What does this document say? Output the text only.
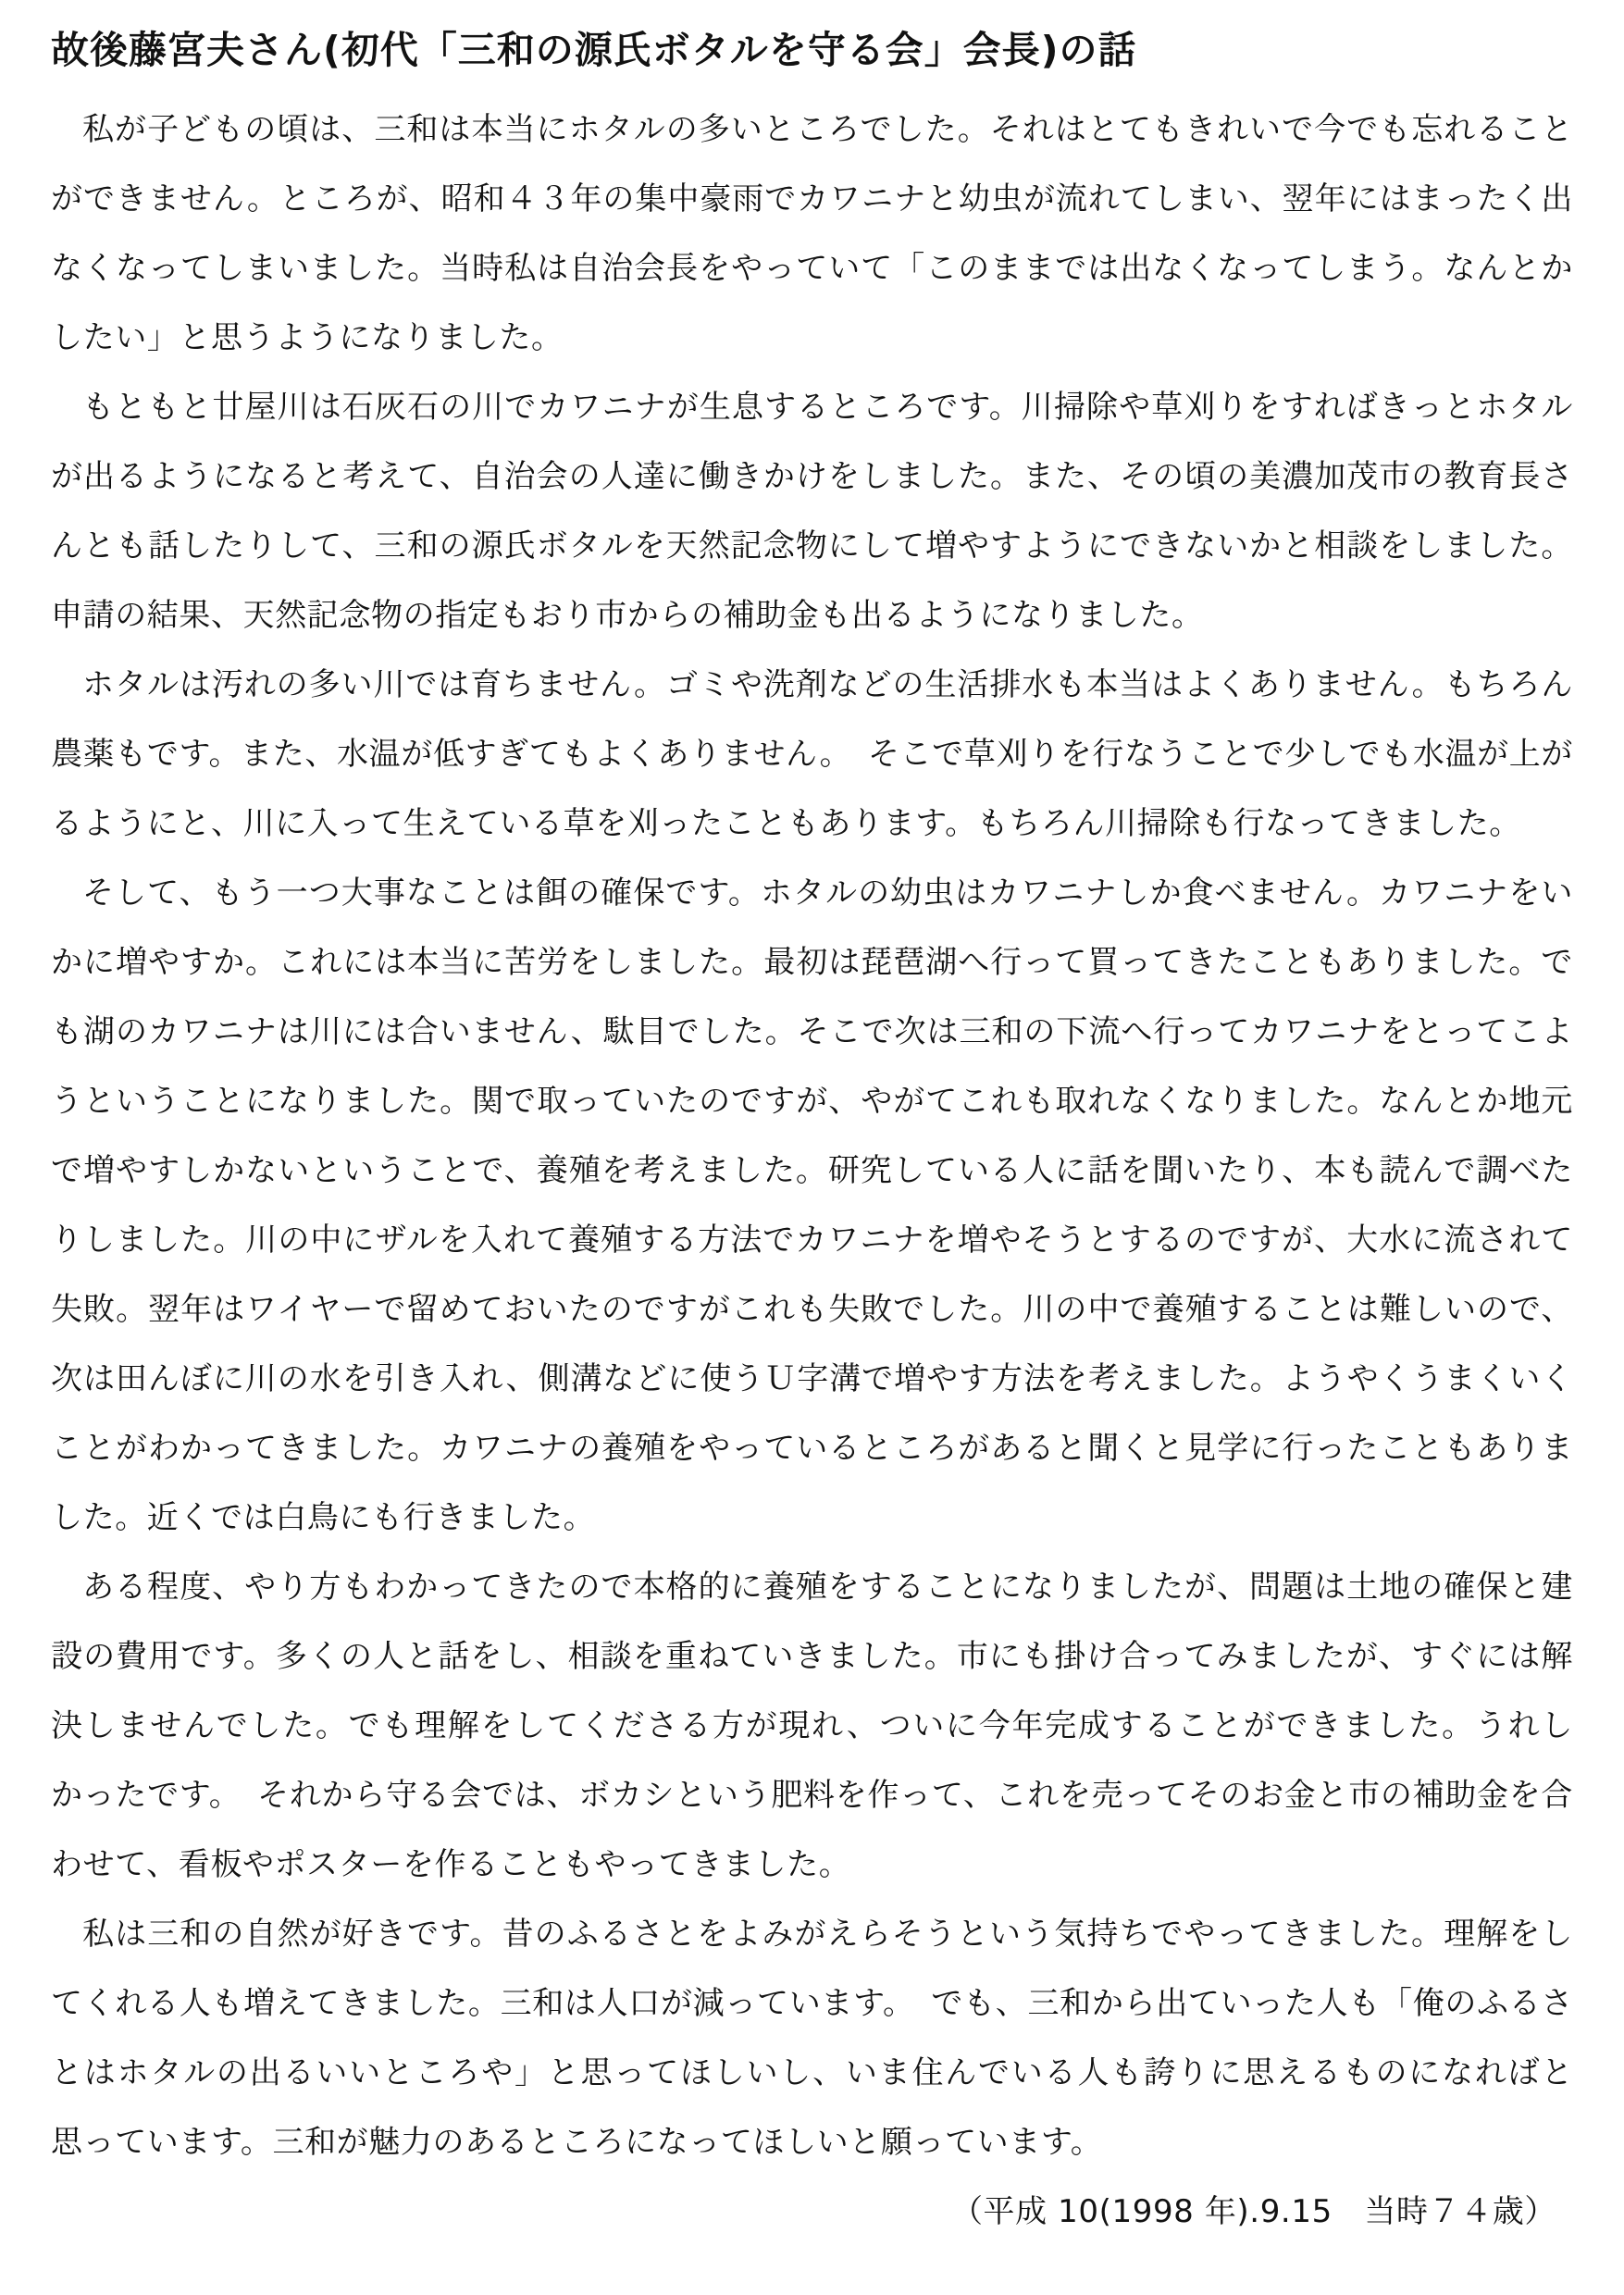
故後藤宮夫さん(初代「三和の源氏ボタルを守る会」会長)の話

私が子どもの頃は、三和は本当にホタルの多いところでした。それはとてもきれいで今でも忘れることができません。ところが、昭和４３年の集中豪雨でカワニナと幼虫が流れてしまい、翌年にはまったく出なくなってしまいました。当時私は自治会長をやっていて「このままでは出なくなってしまう。なんとかしたい」と思うようになりました。

もともと廿屋川は石灰石の川でカワニナが生息するところです。川掃除や草刈りをすればきっとホタルが出るようになると考えて、自治会の人達に働きかけをしました。また、その頃の美濃加茂市の教育長さんとも話したりして、三和の源氏ボタルを天然記念物にして増やすようにできないかと相談をしました。申請の結果、天然記念物の指定もおり市からの補助金も出るようになりました。

ホタルは汚れの多い川では育ちません。ゴミや洗剤などの生活排水も本当はよくありません。もちろん農薬もです。また、水温が低すぎてもよくありません。　そこで草刈りを行なうことで少しでも水温が上がるようにと、川に入って生えている草を刈ったこともあります。もちろん川掃除も行なってきました。

そして、もう一つ大事なことは餌の確保です。ホタルの幼虫はカワニナしか食べません。カワニナをいかに増やすか。これには本当に苦労をしました。最初は琵琶湖へ行って買ってきたこともありました。でも湖のカワニナは川には合いません、駄目でした。そこで次は三和の下流へ行ってカワニナをとってこようということになりました。関で取っていたのですが、やがてこれも取れなくなりました。なんとか地元で増やすしかないということで、養殖を考えました。研究している人に話を聞いたり、本も読んで調べたりしました。川の中にザルを入れて養殖する方法でカワニナを増やそうとするのですが、大水に流されて失敗。翌年はワイヤーで留めておいたのですがこれも失敗でした。川の中で養殖することは難しいので、次は田んぼに川の水を引き入れ、側溝などに使うＵ字溝で増やす方法を考えました。ようやくうまくいくことがわかってきました。カワニナの養殖をやっているところがあると聞くと見学に行ったこともありました。近くでは白鳥にも行きました。

ある程度、やり方もわかってきたので本格的に養殖をすることになりましたが、問題は土地の確保と建設の費用です。多くの人と話をし、相談を重ねていきました。市にも掛け合ってみましたが、すぐには解決しませんでした。でも理解をしてくださる方が現れ、ついに今年完成することができました。うれしかったです。　それから守る会では、ボカシという肥料を作って、これを売ってそのお金と市の補助金を合わせて、看板やポスターを作ることもやってきました。

私は三和の自然が好きです。昔のふるさとをよみがえらそうという気持ちでやってきました。理解をしてくれる人も増えてきました。三和は人口が減っています。　でも、三和から出ていった人も「俺のふるさとはホタルの出るいいところや」と思ってほしいし、いま住んでいる人も誇りに思えるものになればと思っています。三和が魅力のあるところになってほしいと願っています。

（平成 10(1998 年).9.15　当時７４歳）
